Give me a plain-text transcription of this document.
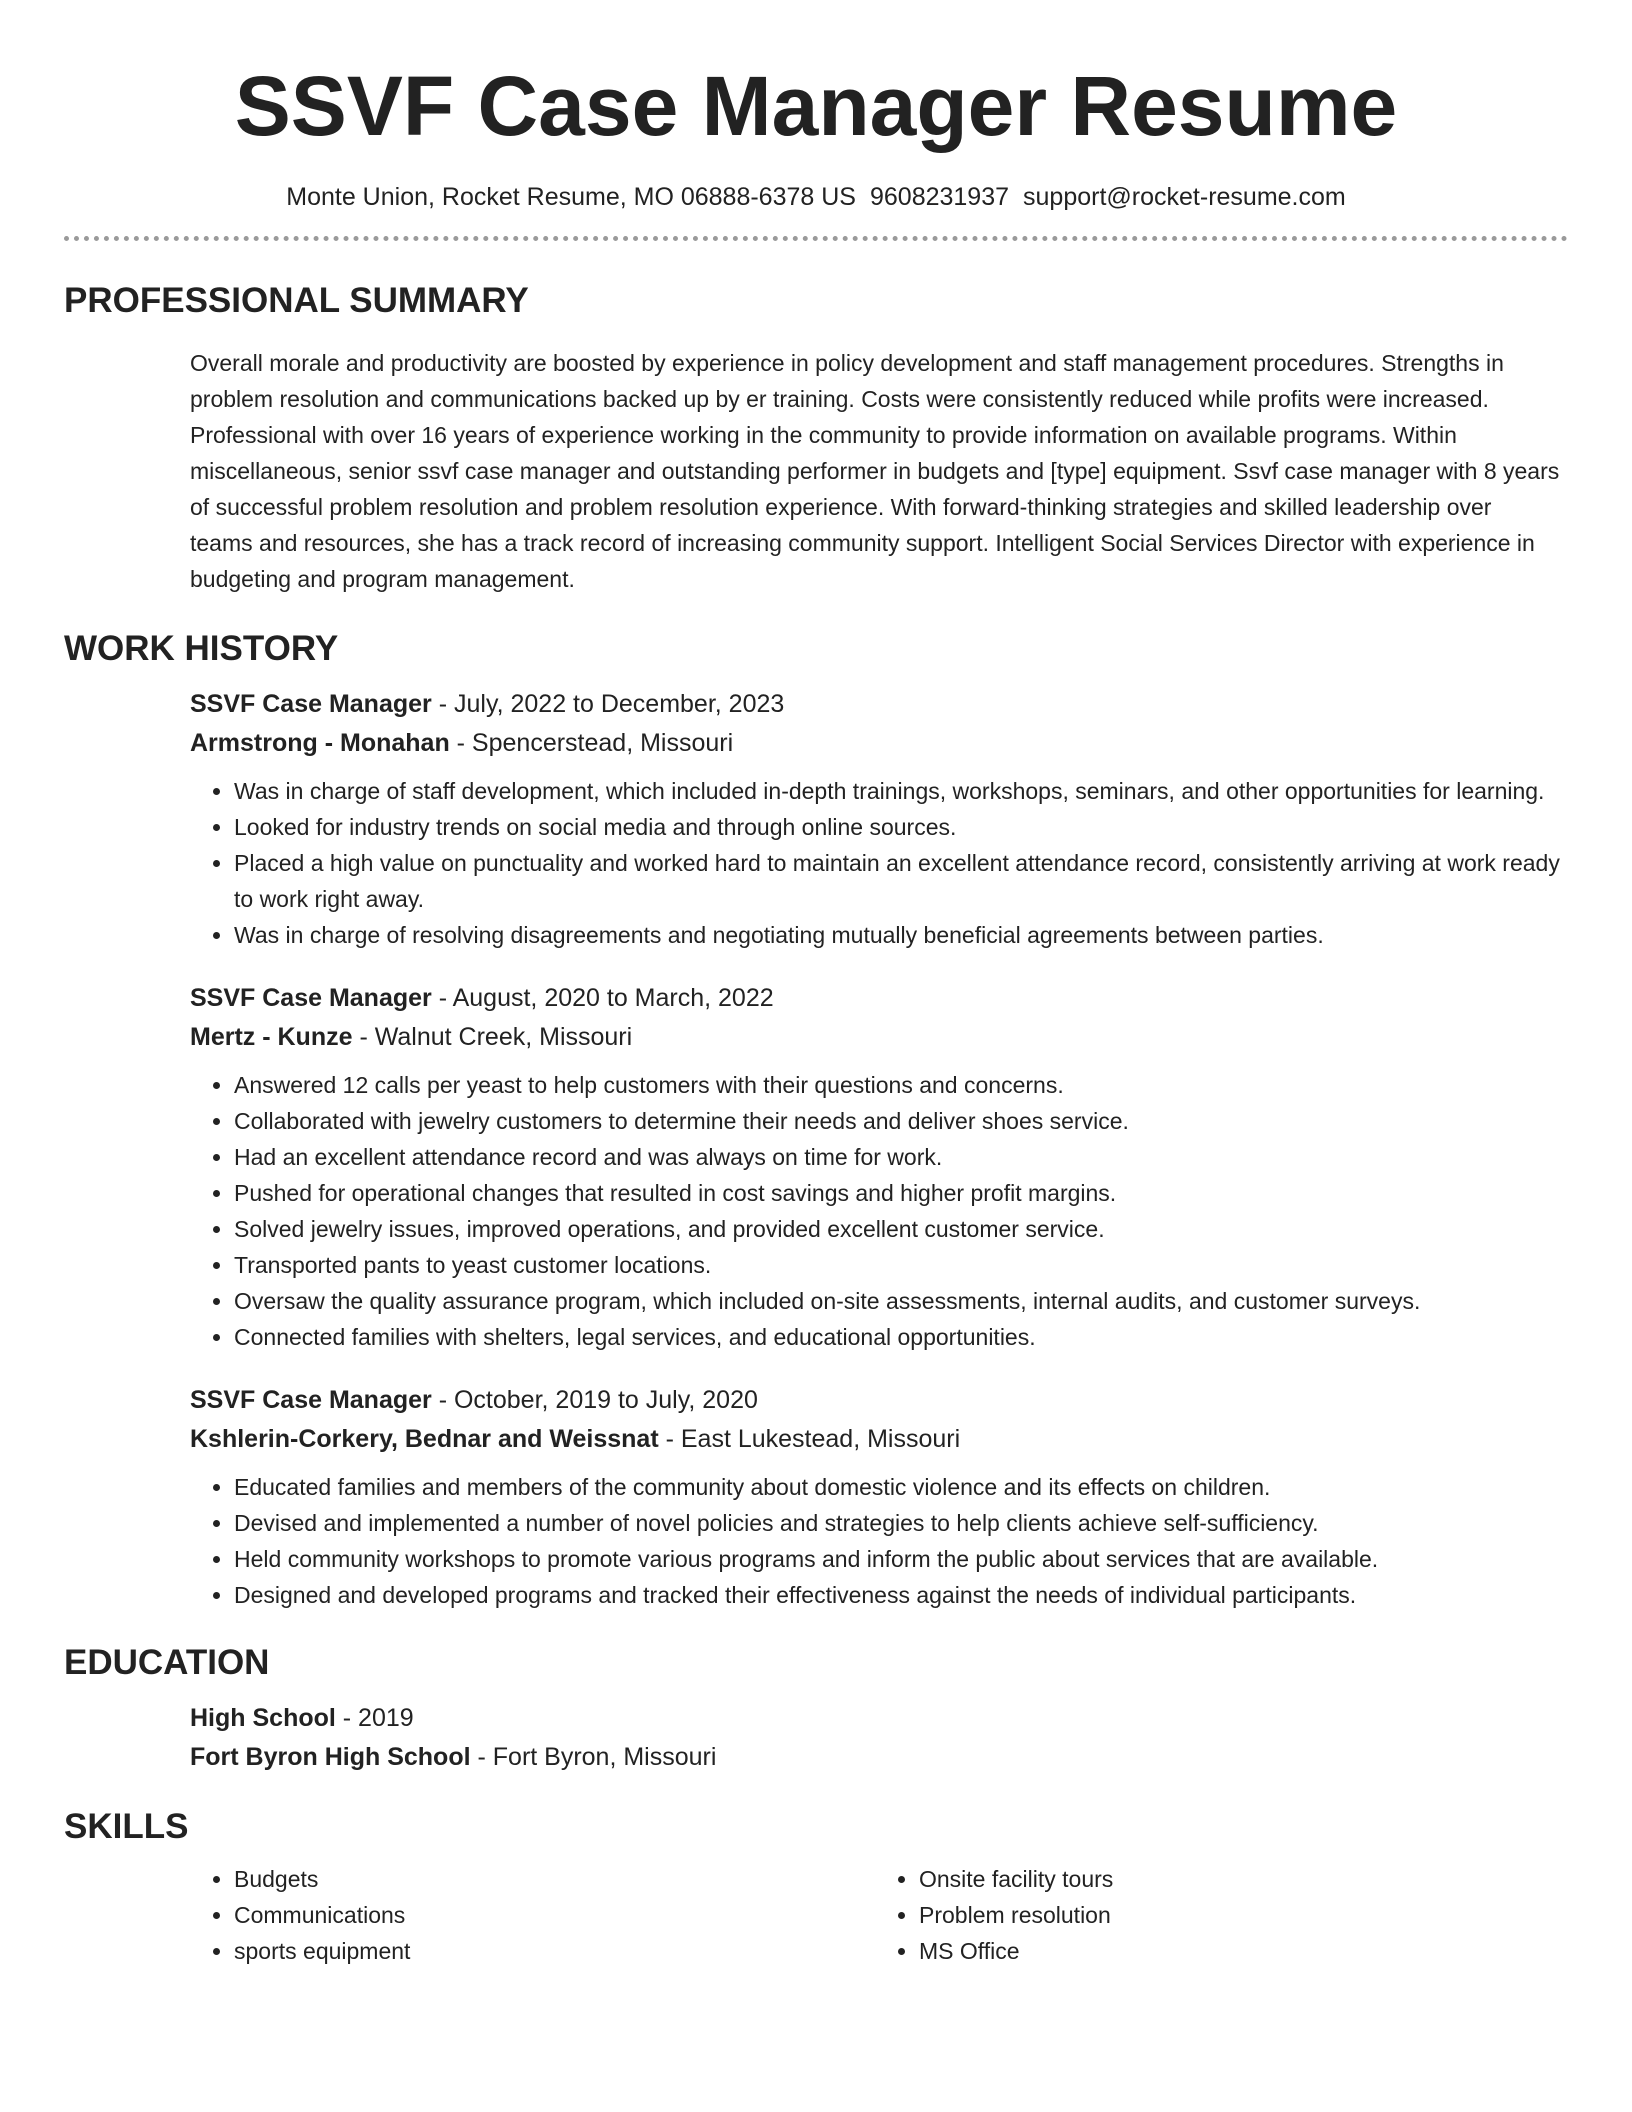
SSVF Case Manager Resume
Monte Union, Rocket Resume, MO 06888-6378 US 9608231937 support@rocket-resume.com
PROFESSIONAL SUMMARY
Overall morale and productivity are boosted by experience in policy development and staff management procedures. Strengths in problem resolution and communications backed up by er training. Costs were consistently reduced while profits were increased. Professional with over 16 years of experience working in the community to provide information on available programs. Within miscellaneous, senior ssvf case manager and outstanding performer in budgets and [type] equipment. Ssvf case manager with 8 years of successful problem resolution and problem resolution experience. With forward-thinking strategies and skilled leadership over teams and resources, she has a track record of increasing community support. Intelligent Social Services Director with experience in budgeting and program management.
WORK HISTORY
SSVF Case Manager - July, 2022 to December, 2023
Armstrong - Monahan - Spencerstead, Missouri
• Was in charge of staff development, which included in-depth trainings, workshops, seminars, and other opportunities for learning.
• Looked for industry trends on social media and through online sources.
• Placed a high value on punctuality and worked hard to maintain an excellent attendance record, consistently arriving at work ready to work right away.
• Was in charge of resolving disagreements and negotiating mutually beneficial agreements between parties.
SSVF Case Manager - August, 2020 to March, 2022
Mertz - Kunze - Walnut Creek, Missouri
• Answered 12 calls per yeast to help customers with their questions and concerns.
• Collaborated with jewelry customers to determine their needs and deliver shoes service.
• Had an excellent attendance record and was always on time for work.
• Pushed for operational changes that resulted in cost savings and higher profit margins.
• Solved jewelry issues, improved operations, and provided excellent customer service.
• Transported pants to yeast customer locations.
• Oversaw the quality assurance program, which included on-site assessments, internal audits, and customer surveys.
• Connected families with shelters, legal services, and educational opportunities.
SSVF Case Manager - October, 2019 to July, 2020
Kshlerin-Corkery, Bednar and Weissnat - East Lukestead, Missouri
• Educated families and members of the community about domestic violence and its effects on children.
• Devised and implemented a number of novel policies and strategies to help clients achieve self-sufficiency.
• Held community workshops to promote various programs and inform the public about services that are available.
• Designed and developed programs and tracked their effectiveness against the needs of individual participants.
EDUCATION
High School - 2019
Fort Byron High School - Fort Byron, Missouri
SKILLS
• Budgets
• Communications
• sports equipment
• Onsite facility tours
• Problem resolution
• MS Office
